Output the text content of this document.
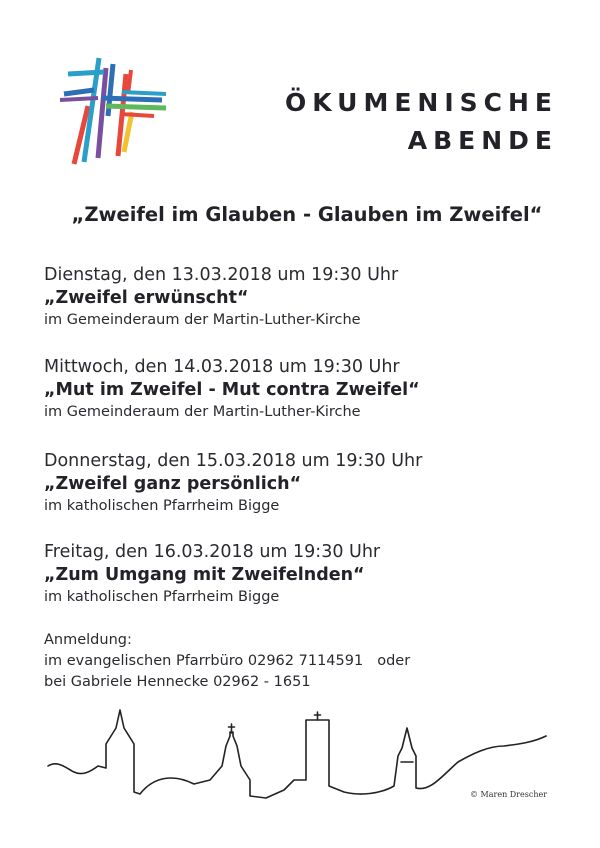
ÖKUMENISCHE
ABENDE
„Zweifel im Glauben - Glauben im Zweifel“
Dienstag, den 13.03.2018 um 19:30 Uhr
„Zweifel erwünscht“
im Gemeinderaum der Martin-Luther-Kirche
Mittwoch, den 14.03.2018 um 19:30 Uhr
„Mut im Zweifel - Mut contra Zweifel“
im Gemeinderaum der Martin-Luther-Kirche
Donnerstag, den 15.03.2018 um 19:30 Uhr
„Zweifel ganz persönlich“
im katholischen Pfarrheim Bigge
Freitag, den 16.03.2018 um 19:30 Uhr
„Zum Umgang mit Zweifelnden“
im katholischen Pfarrheim Bigge
Anmeldung:
im evangelischen Pfarrbüro 02962 7114591 oder
bei Gabriele Hennecke 02962 - 1651
© Maren Drescher
